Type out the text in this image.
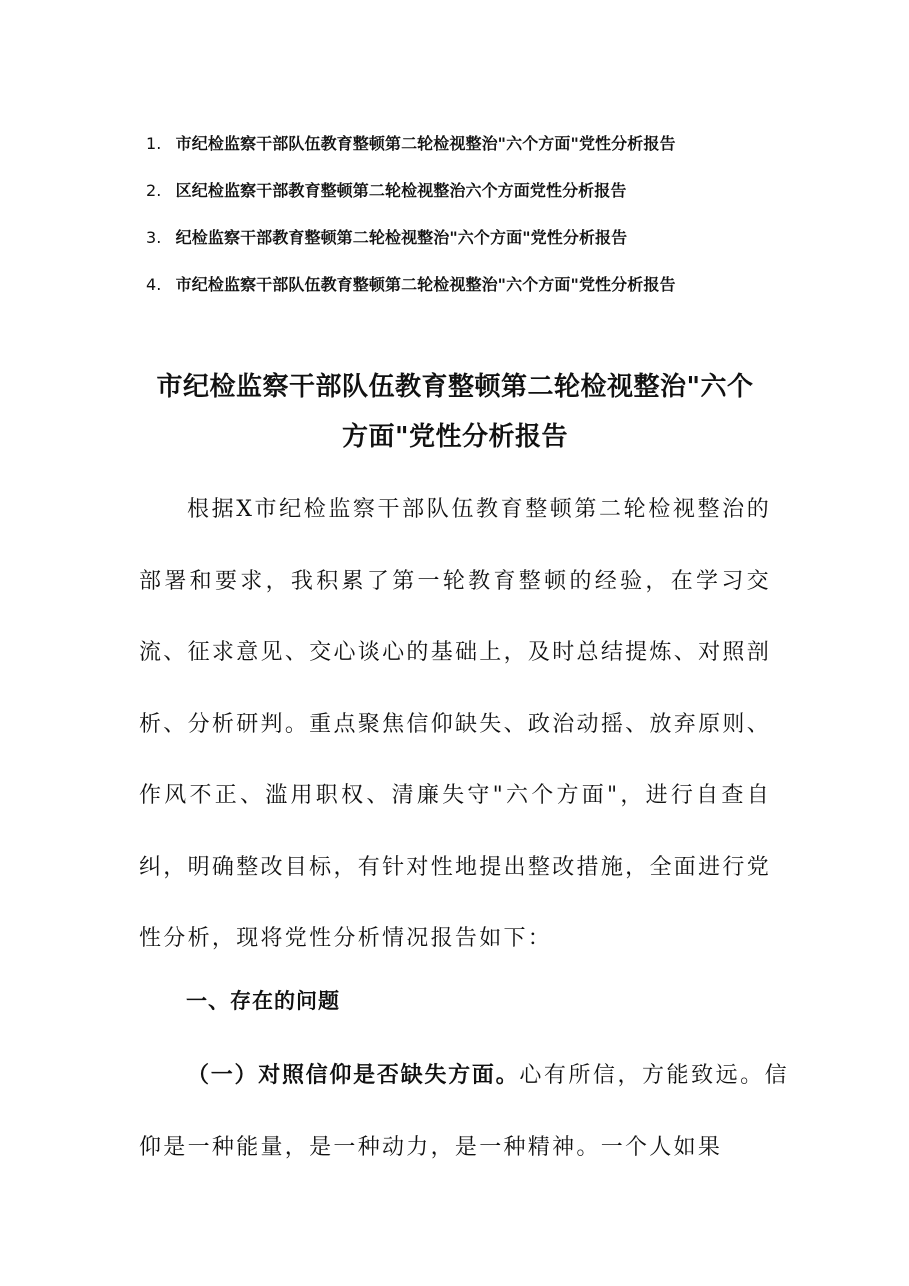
1. 市纪检监察干部队伍教育整顿第二轮检视整治"六个方面"党性分析报告
2. 区纪检监察干部教育整顿第二轮检视整治六个方面党性分析报告
3. 纪检监察干部教育整顿第二轮检视整治"六个方面"党性分析报告
4. 市纪检监察干部队伍教育整顿第二轮检视整治"六个方面"党性分析报告
市纪检监察干部队伍教育整顿第二轮检视整治"六个
方面"党性分析报告

根据X市纪检监察干部队伍教育整顿第二轮检视整治的部署和要求，我积累了第一轮教育整顿的经验，在学习交流、征求意见、交心谈心的基础上，及时总结提炼、对照剖析、分析研判。重点聚焦信仰缺失、政治动摇、放弃原则、作风不正、滥用职权、清廉失守"六个方面"，进行自查自纠，明确整改目标，有针对性地提出整改措施，全面进行党性分析，现将党性分析情况报告如下：

一、存在的问题

（一）对照信仰是否缺失方面。心有所信，方能致远。信仰是一种能量，是一种动力，是一种精神。一个人如果
